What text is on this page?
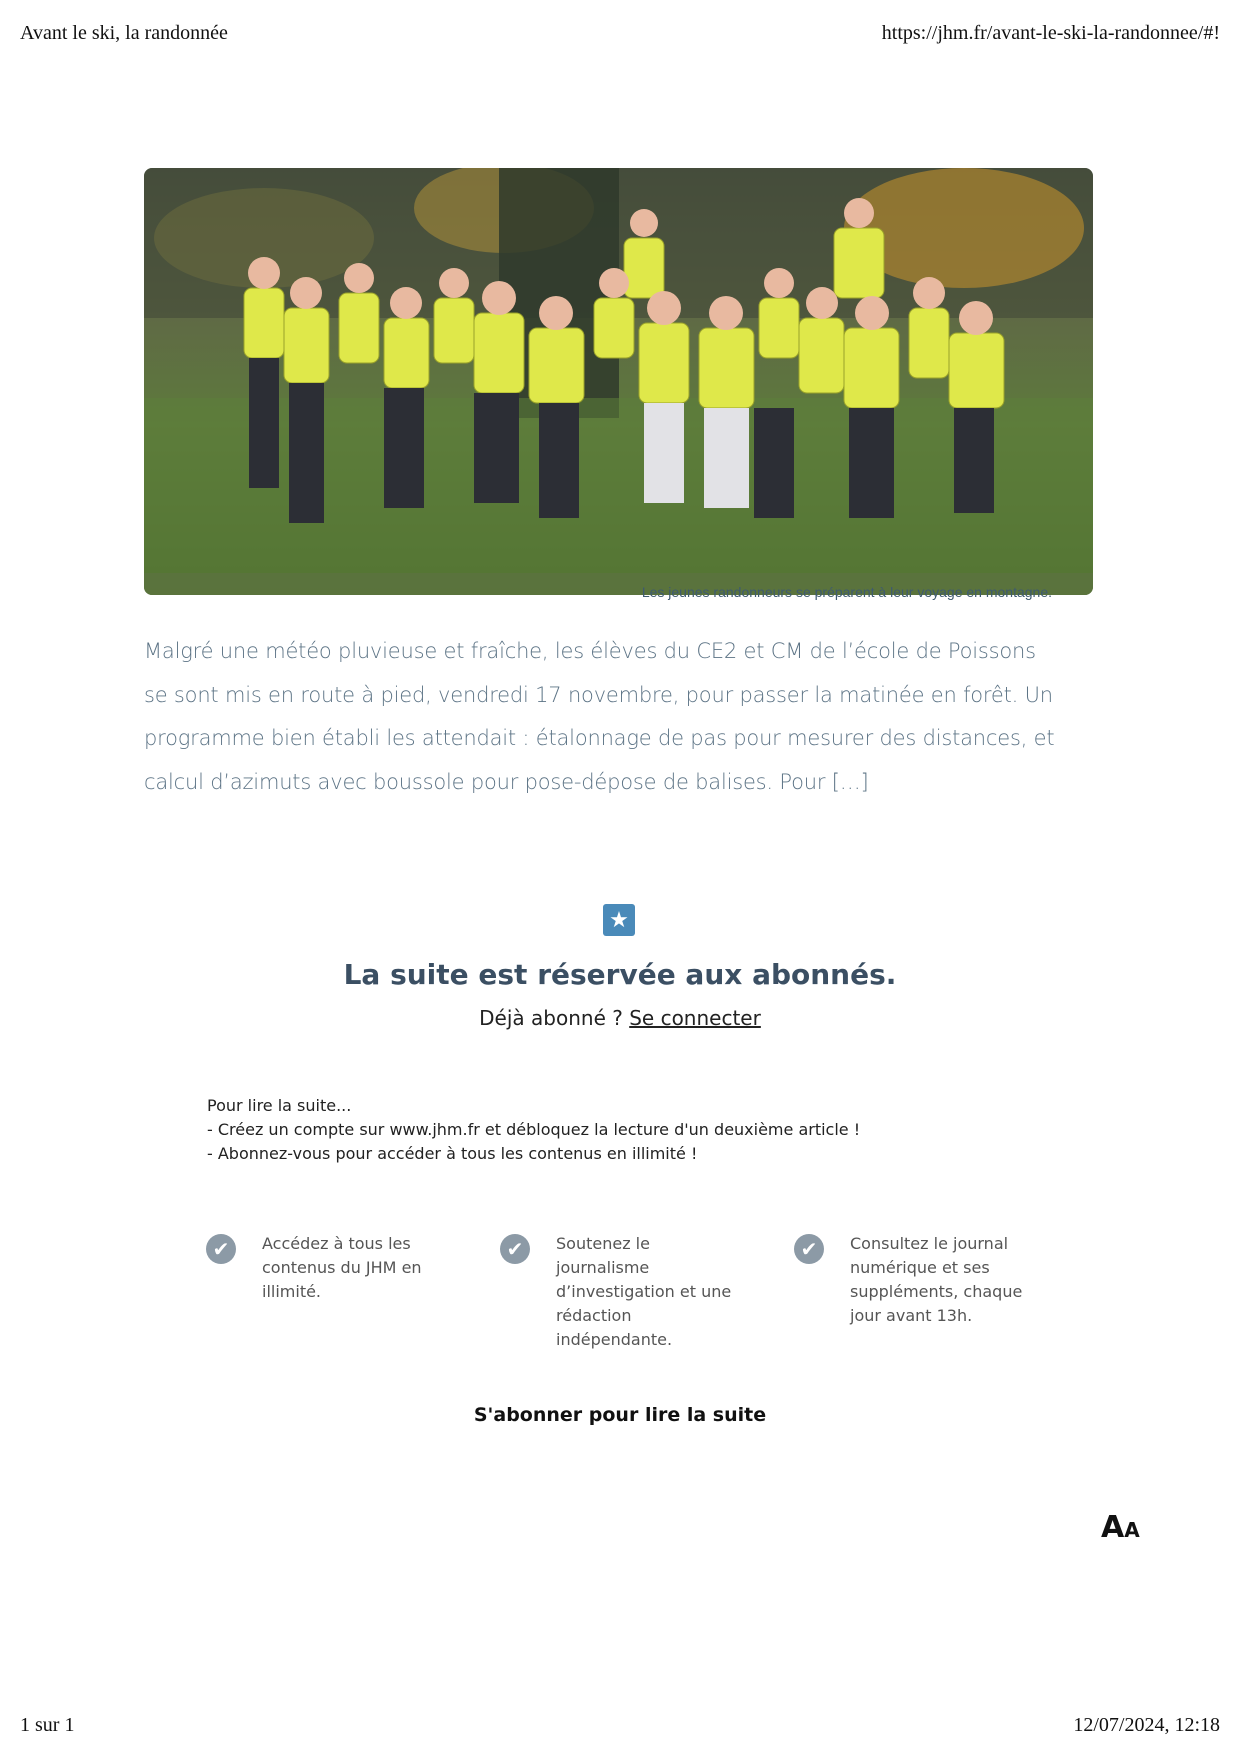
Avant le ski, la randonnée	https://jhm.fr/avant-le-ski-la-randonnee/#!
Les jeunes randonneurs se préparent à leur voyage en montagne.
Malgré une météo pluvieuse et fraîche, les élèves du CE2 et CM de l’école de Poissons
se sont mis en route à pied, vendredi 17 novembre, pour passer la matinée en forêt. Un
programme bien établi les attendait : étalonnage de pas pour mesurer des distances, et
calcul d’azimuts avec boussole pour pose-dépose de balises. Pour […]
★
La suite est réservée aux abonnés.
Déjà abonné ? Se connecter
Pour lire la suite...
- Créez un compte sur www.jhm.fr et débloquez la lecture d'un deuxième article !
- Abonnez-vous pour accéder à tous les contenus en illimité !
✔	Accédez à tous les contenus du JHM en illimité.
✔	Soutenez le journalisme d’investigation et une rédaction indépendante.
✔	Consultez le journal numérique et ses suppléments, chaque jour avant 13h.
S'abonner pour lire la suite
AA
1 sur 1	12/07/2024, 12:18
